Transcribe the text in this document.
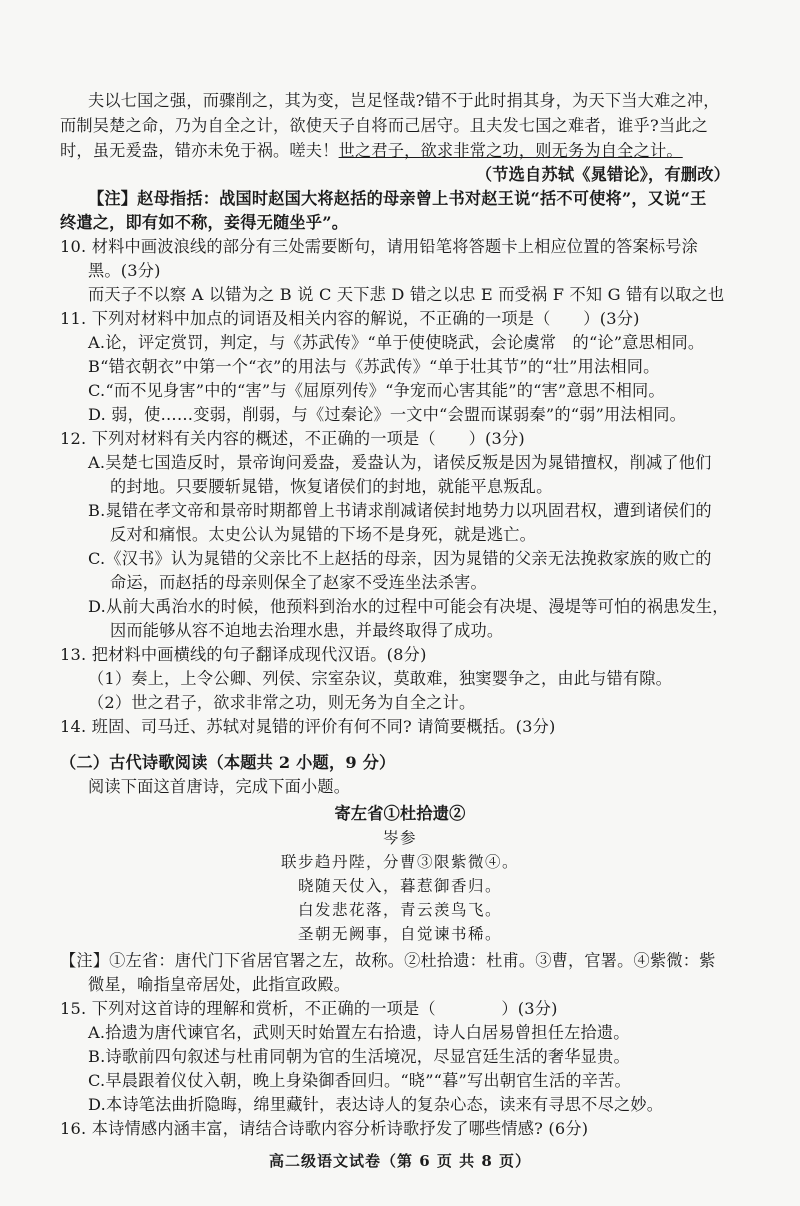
夫以七国之强，而骤削之，其为变，岂足怪哉?错不于此时捐其身，为天下当大难之冲，
而制吴楚之命，乃为自全之计，欲使天子自将而己居守。且夫发七国之难者，谁乎?当此之
时，虽无爰盎，错亦未免于祸。嗟夫！世之君子，欲求非常之功，则无务为自全之计。
（节选自苏轼《晁错论》，有删改）
【注】赵母指括：战国时赵国大将赵括的母亲曾上书对赵王说“括不可使将”，又说“王
终遣之，即有如不称，妾得无随坐乎”。
10. 材料中画波浪线的部分有三处需要断句，请用铅笔将答题卡上相应位置的答案标号涂
黑。(3分)
而天子不以察 A 以错为之 B 说 C 天下悲 D 错之以忠 E 而受祸 F 不知 G 错有以取之也
11. 下列对材料中加点的词语及相关内容的解说，不正确的一项是（　　）(3分)
A.论，评定赏罚，判定，与《苏武传》“单于使使晓武，会论虞常　的“论”意思相同。
B“错衣朝衣”中第一个“衣”的用法与《苏武传》“单于壮其节”的“壮”用法相同。
C.“而不见身害”中的“害”与《屈原列传》“争宠而心害其能”的“害”意思不相同。
D. 弱，使……变弱，削弱，与《过秦论》一文中“会盟而谋弱秦”的“弱”用法相同。
12. 下列对材料有关内容的概述，不正确的一项是（　　）(3分)
A.吴楚七国造反时，景帝询问爰盎，爰盎认为，诸侯反叛是因为晁错擅权，削减了他们
的封地。只要腰斩晁错，恢复诸侯们的封地，就能平息叛乱。
B.晁错在孝文帝和景帝时期都曾上书请求削减诸侯封地势力以巩固君权，遭到诸侯们的
反对和痛恨。太史公认为晁错的下场不是身死，就是逃亡。
C.《汉书》认为晁错的父亲比不上赵括的母亲，因为晁错的父亲无法挽救家族的败亡的
命运，而赵括的母亲则保全了赵家不受连坐法杀害。
D.从前大禹治水的时候，他预料到治水的过程中可能会有决堤、漫堤等可怕的祸患发生，
因而能够从容不迫地去治理水患，并最终取得了成功。
13. 把材料中画横线的句子翻译成现代汉语。(8分)
（1）奏上，上令公卿、列侯、宗室杂议，莫敢难，独窦婴争之，由此与错有隙。
（2）世之君子，欲求非常之功，则无务为自全之计。
14. 班固、司马迁、苏轼对晁错的评价有何不同? 请简要概括。(3分)
（二）古代诗歌阅读（本题共 2 小题，9 分）
阅读下面这首唐诗，完成下面小题。
寄左省①杜拾遗②
岑参
联步趋丹陛，分曹③限紫微④。
晓随天仗入，暮惹御香归。
白发悲花落，青云羡鸟飞。
圣朝无阙事，自觉谏书稀。
【注】①左省：唐代门下省居官署之左，故称。②杜拾遗：杜甫。③曹，官署。④紫微：紫
微星，喻指皇帝居处，此指宣政殿。
15. 下列对这首诗的理解和赏析，不正确的一项是（　　　　）(3分)
A.拾遗为唐代谏官名，武则天时始置左右拾遗，诗人白居易曾担任左拾遗。
B.诗歌前四句叙述与杜甫同朝为官的生活境况，尽显宫廷生活的奢华显贵。
C.早晨跟着仪仗入朝，晚上身染御香回归。“晓”“暮”写出朝官生活的辛苦。
D.本诗笔法曲折隐晦，绵里藏针，表达诗人的复杂心态，读来有寻思不尽之妙。
16. 本诗情感内涵丰富，请结合诗歌内容分析诗歌抒发了哪些情感? (6分)
高二级语文试卷（第 6 页 共 8 页）
